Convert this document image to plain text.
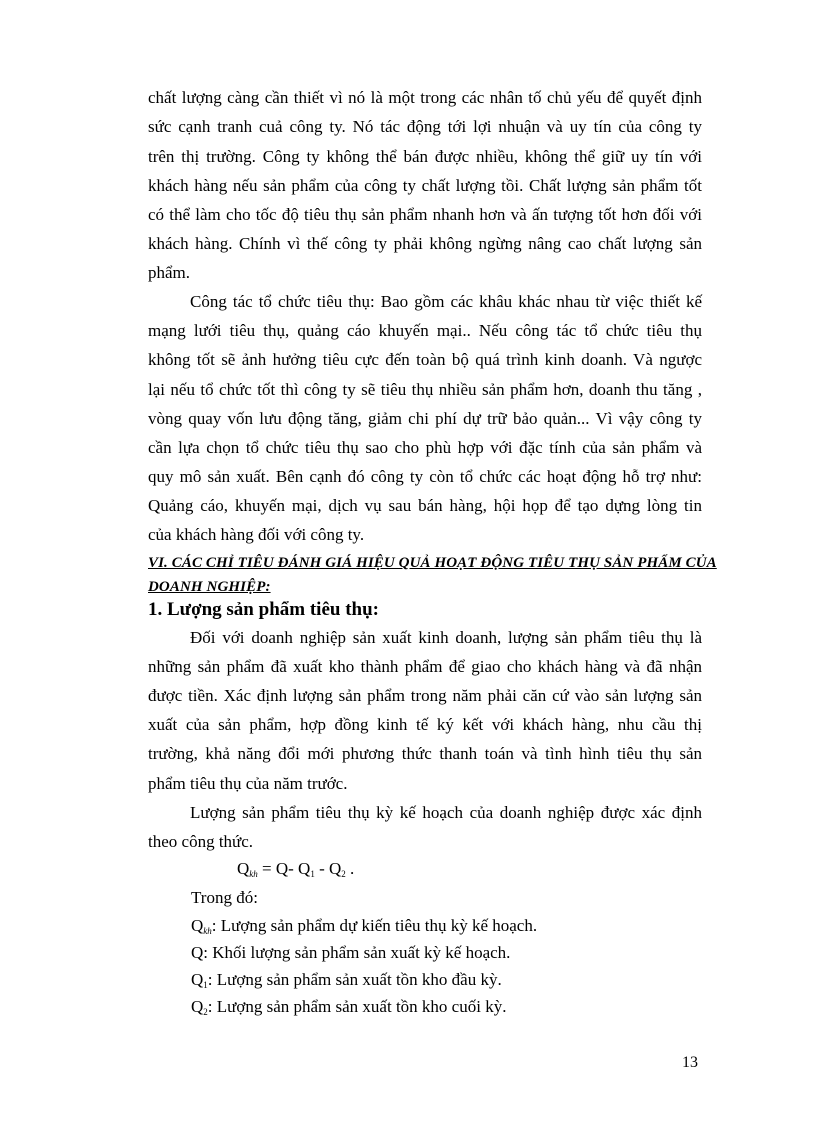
chất lượng càng cần thiết vì nó là một trong các nhân tố chủ yếu để quyết định

sức cạnh tranh cuả công ty. Nó tác động tới lợi nhuận và uy tín của công ty

trên thị trường. Công ty không thể bán được nhiều, không thể giữ uy tín với

khách hàng nếu sản phẩm của công ty chất lượng tồi. Chất lượng sản phẩm tốt

có thể làm cho tốc độ tiêu thụ sản phẩm nhanh hơn và ấn tượng tốt hơn đối với

khách hàng. Chính vì thế công ty phải không ngừng nâng cao chất lượng sản

phẩm.

Công tác tổ chức tiêu thụ: Bao gồm các khâu khác nhau từ việc thiết kế

mạng lưới tiêu thụ, quảng cáo khuyến mại.. Nếu công tác tổ chức tiêu thụ

không tốt sẽ ảnh hưởng tiêu cực đến toàn bộ quá trình kinh doanh. Và ngược

lại nếu tổ chức tốt thì công ty sẽ tiêu thụ nhiều sản phẩm hơn, doanh thu tăng ,

vòng quay vốn lưu động tăng, giảm chi phí dự trữ bảo quản... Vì vậy công ty

cần lựa chọn tổ chức tiêu thụ sao cho phù hợp với đặc tính của sản phẩm và

quy mô sản xuất. Bên cạnh đó công ty còn tổ chức các hoạt động hỗ trợ như:

Quảng cáo, khuyến mại, dịch vụ sau bán hàng, hội họp để tạo dựng lòng tin

của khách hàng đối với công ty.

VI. CÁC CHỈ TIÊU ĐÁNH GIÁ HIỆU QUẢ HOẠT ĐỘNG TIÊU THỤ SẢN PHẨM CỦA

DOANH NGHIỆP:

1. Lượng sản phẩm tiêu thụ:

Đối với doanh nghiệp sản xuất kinh doanh, lượng sản phẩm tiêu thụ là

những sản phẩm đã xuất kho thành phẩm để giao cho khách hàng và đã nhận

được tiền. Xác định lượng sản phẩm trong năm phải căn cứ vào sản lượng sản

xuất của sản phẩm, hợp đồng kinh tế ký kết với khách hàng, nhu cầu thị

trường, khả năng đổi mới phương thức thanh toán và tình hình tiêu thụ sản

phẩm tiêu thụ của năm trước.

Lượng sản phẩm tiêu thụ kỳ kế hoạch của doanh nghiệp được xác định

theo công thức.

$Q_{kh} = Q-$ $Q_1 - Q_2$ .

Trong đó:

$Q_{kh}$: Lượng sản phẩm dự kiến tiêu thụ kỳ kế hoạch.

Q: Khối lượng sản phẩm sản xuất kỳ kế hoạch.

$Q_1$: Lượng sản phẩm sản xuất tồn kho đầu kỳ.

$Q_2$: Lượng sản phẩm sản xuất tồn kho cuối kỳ.

13
